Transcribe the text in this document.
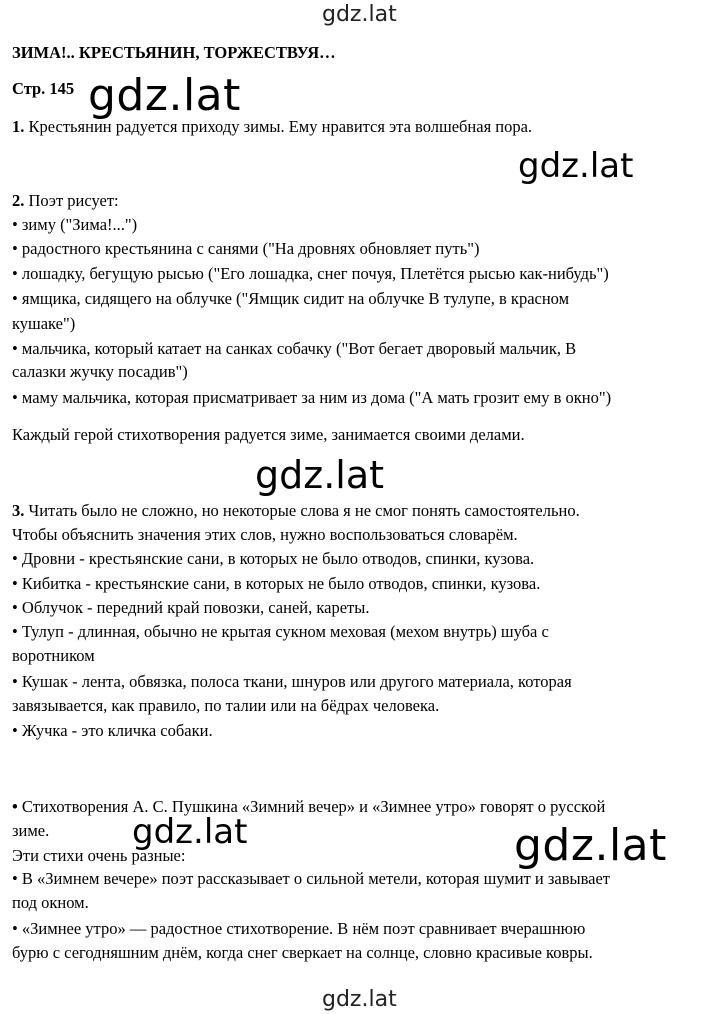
gdz.lat
gdz.lat
gdz.lat
gdz.lat
gdz.lat	gdz.lat
gdz.lat
ЗИМА!.. КРЕСТЬЯНИН, ТОРЖЕСТВУЯ…
Стр. 145
1. Крестьянин радуется приходу зимы. Ему нравится эта волшебная пора.
2. Поэт рисует:
• зиму ("Зима!...")
• радостного крестьянина с санями ("На дровнях обновляет путь")
• лошадку, бегущую рысью ("Его лошадка, снег почуя, Плетётся рысью как-нибудь")
• ямщика, сидящего на облучке ("Ямщик сидит на облучке В тулупе, в красном
кушаке")
• мальчика, который катает на санках собачку ("Вот бегает дворовый мальчик, В
салазки жучку посадив")
• маму мальчика, которая присматривает за ним из дома ("А мать грозит ему в окно")
Каждый герой стихотворения радуется зиме, занимается своими делами.
3. Читать было не сложно, но некоторые слова я не смог понять самостоятельно.
Чтобы объяснить значения этих слов, нужно воспользоваться словарём.
• Дровни - крестьянские сани, в которых не было отводов, спинки, кузова.
• Кибитка - крестьянские сани, в которых не было отводов, спинки, кузова.
• Облучок - передний край повозки, саней, кареты.
• Тулуп - длинная, обычно не крытая сукном меховая (мехом внутрь) шуба с
воротником
• Кушак - лента, обвязка, полоса ткани, шнуров или другого материала, которая
завязывается, как правило, по талии или на бёдрах человека.
• Жучка - это кличка собаки.
• Стихотворения А. С. Пушкина «Зимний вечер» и «Зимнее утро» говорят о русской
зиме.
Эти стихи очень разные:
• В «Зимнем вечере» поэт рассказывает о сильной метели, которая шумит и завывает
под окном.
• «Зимнее утро» — радостное стихотворение. В нём поэт сравнивает вчерашнюю
бурю с сегодняшним днём, когда снег сверкает на солнце, словно красивые ковры.
